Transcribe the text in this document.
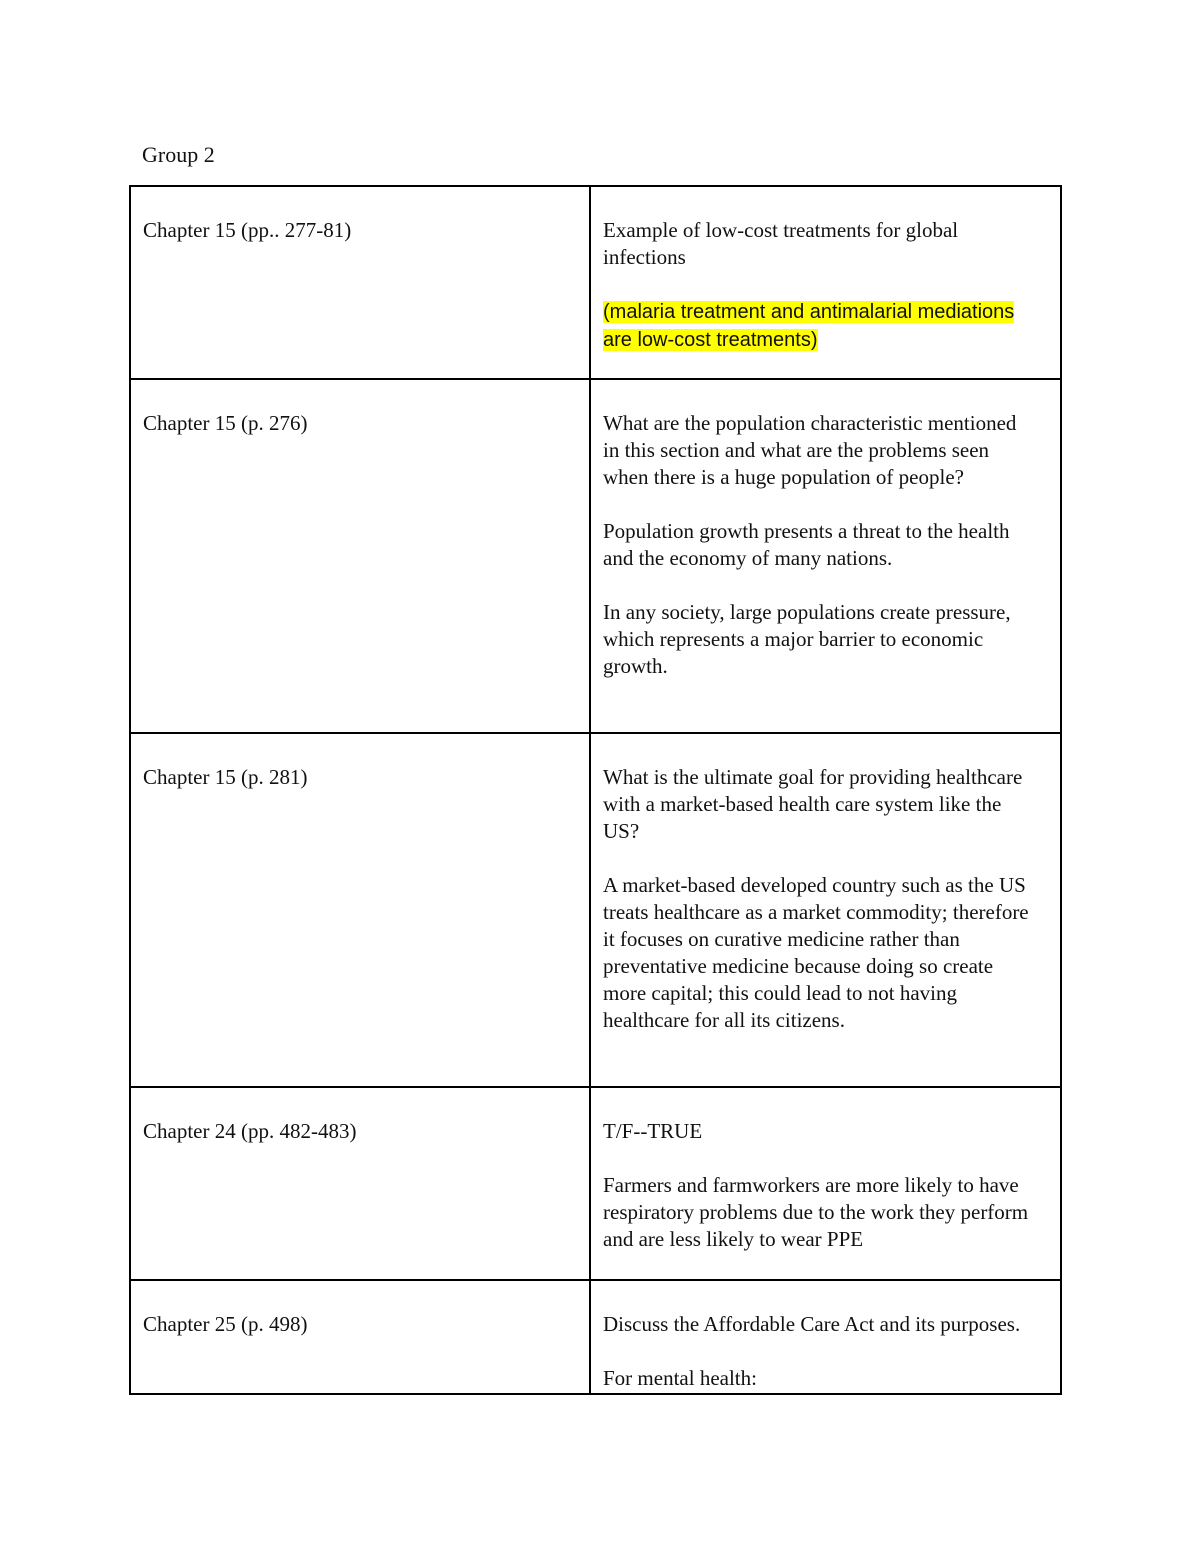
Group 2

Chapter 15 (pp.. 277-81)	Example of low-cost treatments for global infections

(malaria treatment and antimalarial mediations are low-cost treatments)

Chapter 15 (p. 276)	What are the population characteristic mentioned in this section and what are the problems seen when there is a huge population of people?

Population growth presents a threat to the health and the economy of many nations.

In any society, large populations create pressure, which represents a major barrier to economic growth.

Chapter 15 (p. 281)	What is the ultimate goal for providing healthcare with a market-based health care system like the US?

A market-based developed country such as the US treats healthcare as a market commodity; therefore it focuses on curative medicine rather than preventative medicine because doing so create more capital; this could lead to not having healthcare for all its citizens.

Chapter 24 (pp. 482-483)	T/F--TRUE

Farmers and farmworkers are more likely to have respiratory problems due to the work they perform and are less likely to wear PPE

Chapter 25 (p. 498)	Discuss the Affordable Care Act and its purposes.

For mental health:
